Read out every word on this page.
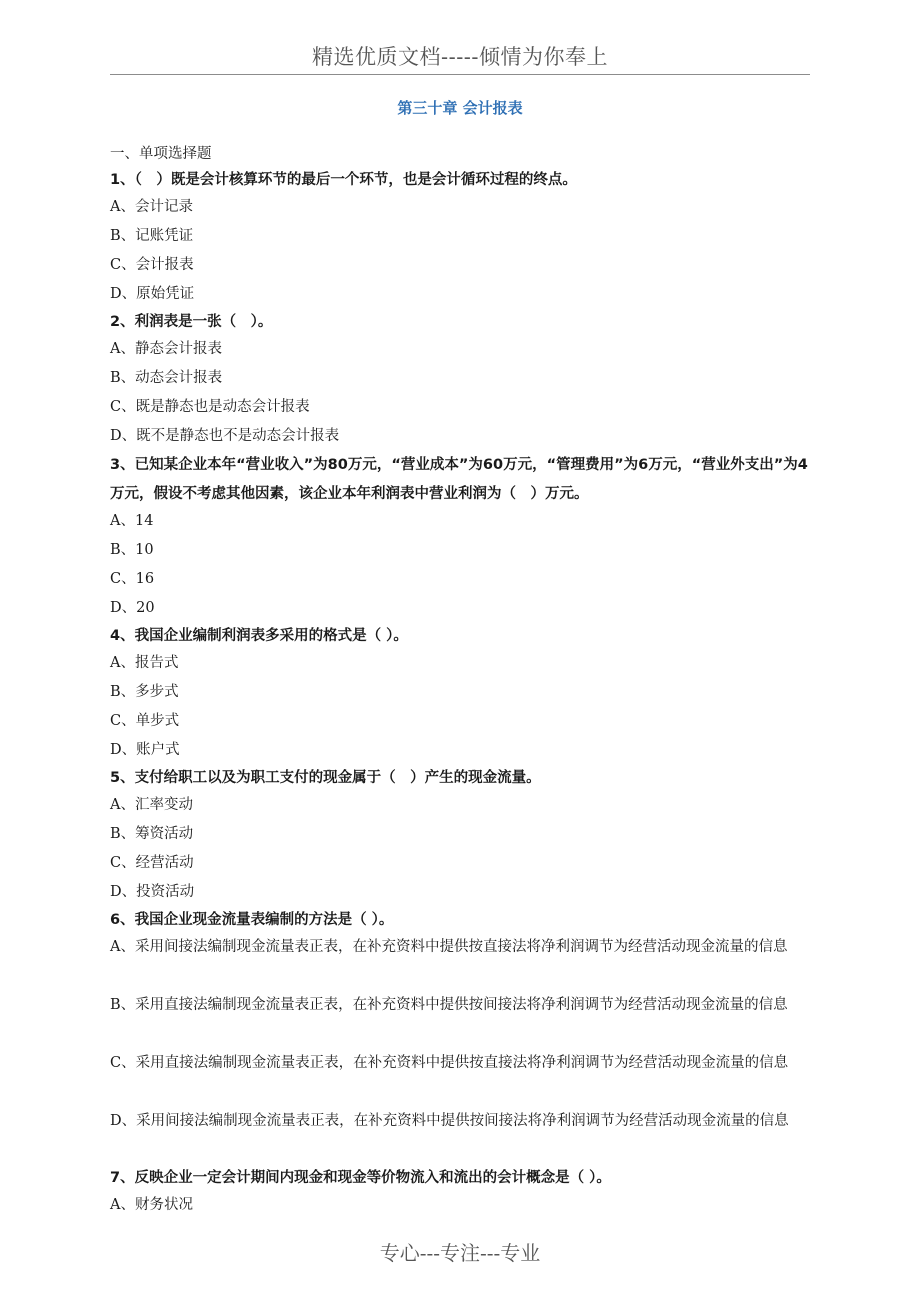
精选优质文档-----倾情为你奉上
第三十章 会计报表
一、单项选择题
1、（　）既是会计核算环节的最后一个环节，也是会计循环过程的终点。
A、会计记录
B、记账凭证
C、会计报表
D、原始凭证
2、利润表是一张（　）。
A、静态会计报表
B、动态会计报表
C、既是静态也是动态会计报表
D、既不是静态也不是动态会计报表
3、已知某企业本年“营业收入”为80万元，“营业成本”为60万元，“管理费用”为6万元，“营业外支出”为4万元，假设不考虑其他因素，该企业本年利润表中营业利润为（　）万元。
A、14
B、10
C、16
D、20
4、我国企业编制利润表多采用的格式是（ ）。
A、报告式
B、多步式
C、单步式
D、账户式
5、支付给职工以及为职工支付的现金属于（　）产生的现金流量。
A、汇率变动
B、筹资活动
C、经营活动
D、投资活动
6、我国企业现金流量表编制的方法是（ ）。
A、采用间接法编制现金流量表正表，在补充资料中提供按直接法将净利润调节为经营活动现金流量的信息
B、采用直接法编制现金流量表正表，在补充资料中提供按间接法将净利润调节为经营活动现金流量的信息
C、采用直接法编制现金流量表正表，在补充资料中提供按直接法将净利润调节为经营活动现金流量的信息
D、采用间接法编制现金流量表正表，在补充资料中提供按间接法将净利润调节为经营活动现金流量的信息
7、反映企业一定会计期间内现金和现金等价物流入和流出的会计概念是（ ）。
A、财务状况
专心---专注---专业
